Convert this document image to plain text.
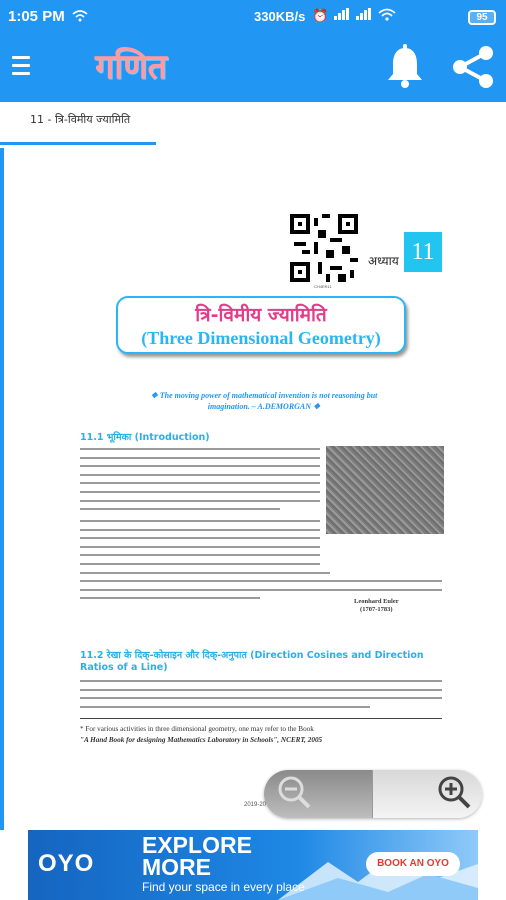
1:05 PM	330KB/s ⏰	95
गणित
11 - त्रि-विमीय ज्यामिति
CH4ER11
अध्याय 11
त्रि-विमीय ज्यामिति
(Three Dimensional Geometry)
❖ The moving power of mathematical invention is not reasoning but imagination. – A.DEMORGAN ❖
11.1 भूमिका (Introduction)
Leonhard Euler
(1707-1783)
11.2 रेखा के दिक्-कोसाइन और दिक्-अनुपात (Direction Cosines and Direction Ratios of a Line)
* For various activities in three dimensional geometry, one may refer to the Book
"A Hand Book for designing Mathematics Laboratory in Schools", NCERT, 2005
2019-20
OYO
EXPLORE MORE
Find your space in every place
BOOK AN OYO
